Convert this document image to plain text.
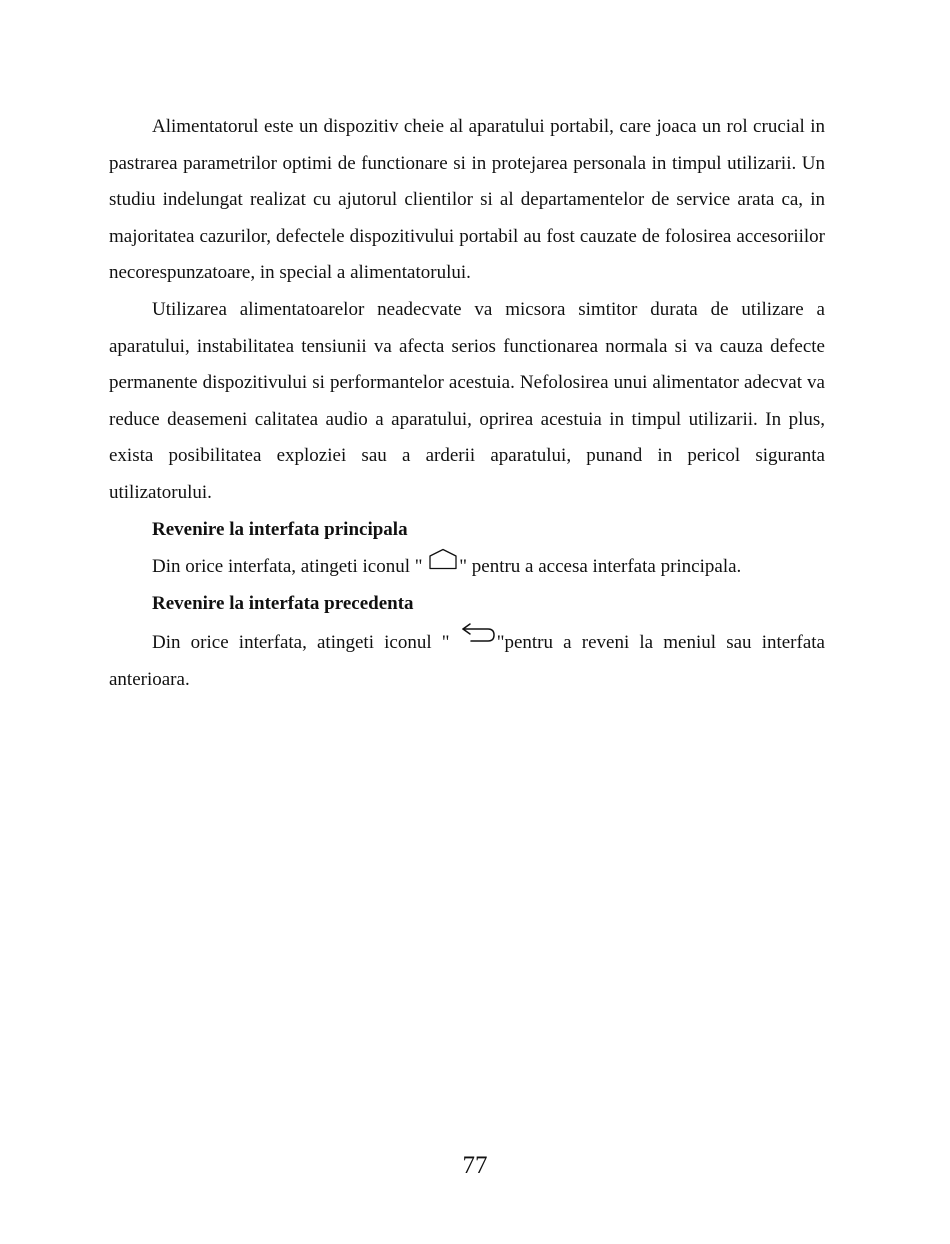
Alimentatorul este un dispozitiv cheie al aparatului portabil, care joaca un rol crucial in pastrarea parametrilor optimi de functionare si in protejarea personala in timpul utilizarii. Un studiu indelungat realizat cu ajutorul clientilor si al departamentelor de service arata ca, in majoritatea cazurilor, defectele dispozitivului portabil au fost cauzate de folosirea accesoriilor necorespunzatoare, in special a alimentatorului.

Utilizarea alimentatoarelor neadecvate va micsora simtitor durata de utilizare a aparatului, instabilitatea tensiunii va afecta serios functionarea normala si va cauza defecte permanente dispozitivului si performantelor acestuia. Nefolosirea unui alimentator adecvat va reduce deasemeni calitatea audio a aparatului, oprirea acestuia in timpul utilizarii. In plus, exista posibilitatea exploziei sau a arderii aparatului, punand in pericol siguranta utilizatorului.

Revenire la interfata principala

Din orice interfata, atingeti iconul " " pentru a accesa interfata principala.

Revenire la interfata precedenta

Din orice interfata, atingeti iconul " "pentru a reveni la meniul sau interfata anterioara.

77
